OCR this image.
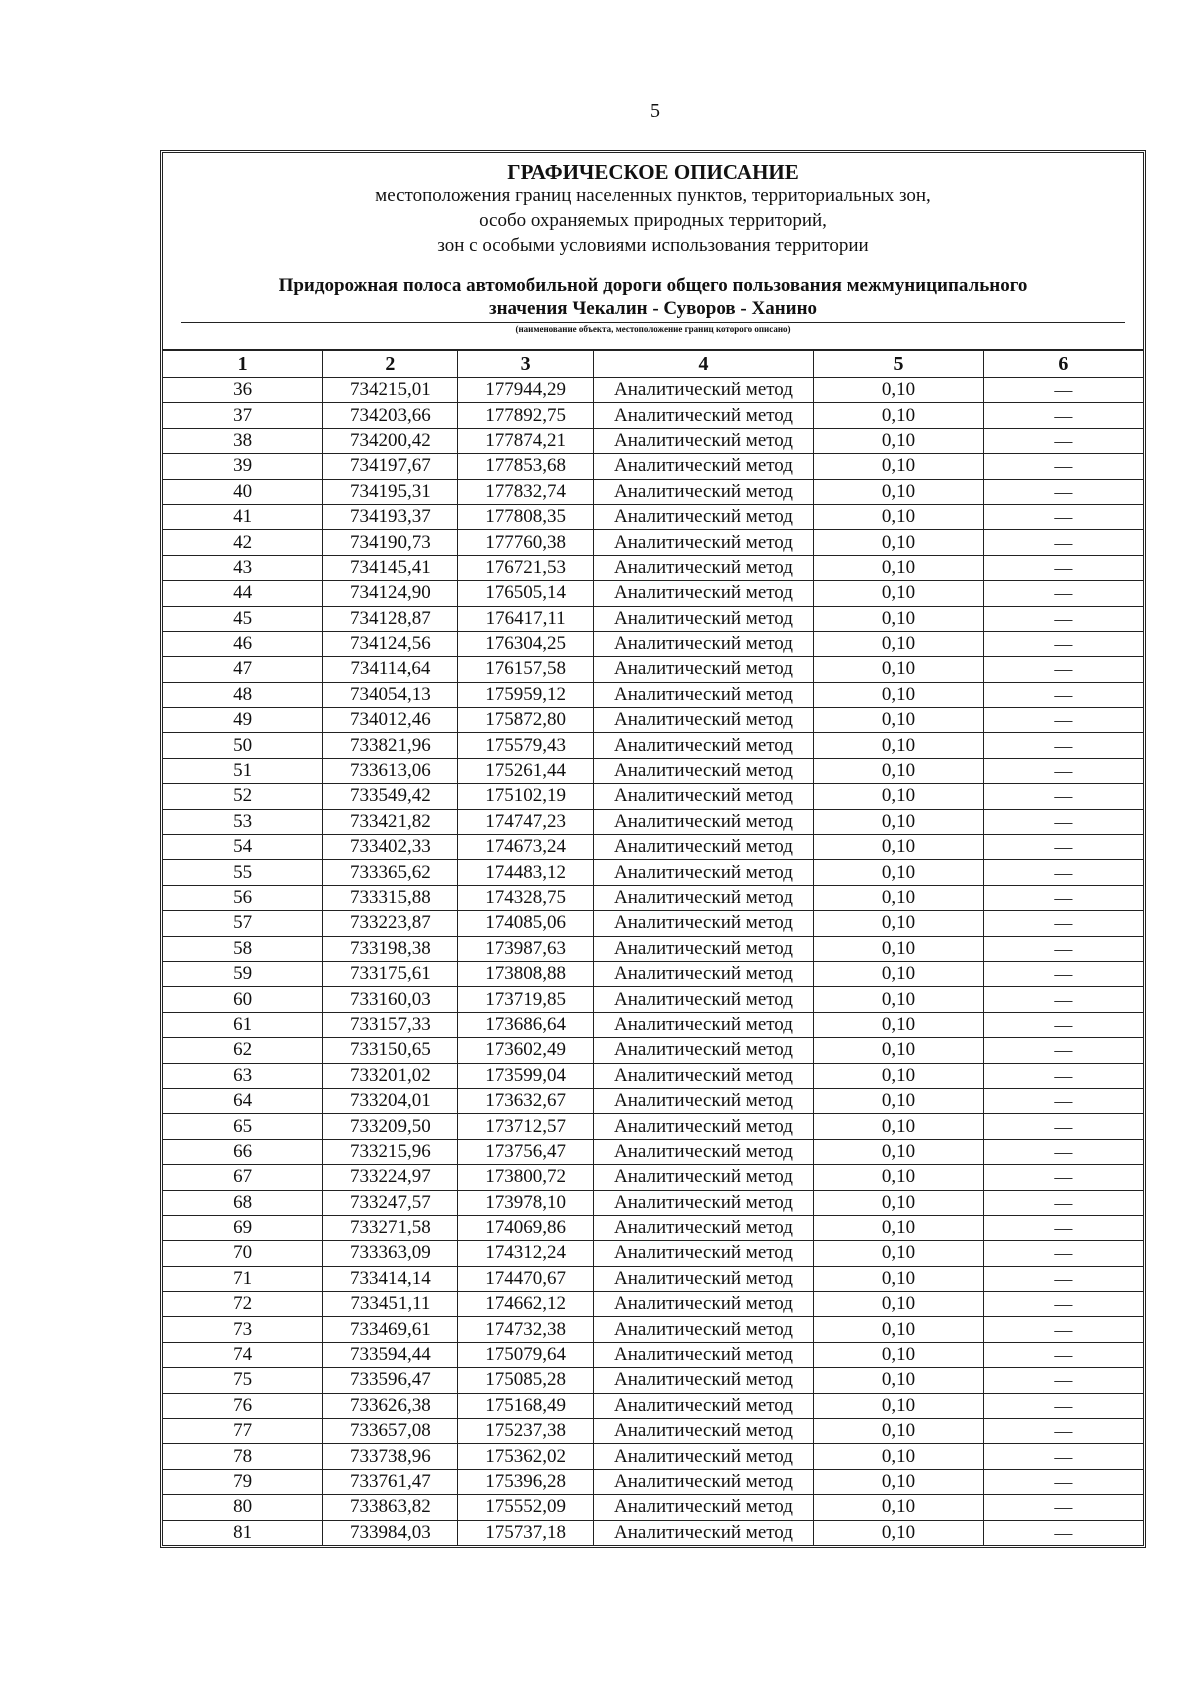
5
ГРАФИЧЕСКОЕ ОПИСАНИЕ
местоположения границ населенных пунктов, территориальных зон,
особо охраняемых природных территорий,
зон с особыми условиями использования территории
Придорожная полоса автомобильной дороги общего пользования межмуниципального
значения Чекалин - Суворов - Ханино
(наименование объекта, местоположение границ которого описано)
1	2	3	4	5	6
36	734215,01	177944,29	Аналитический метод	0,10	—
37	734203,66	177892,75	Аналитический метод	0,10	—
38	734200,42	177874,21	Аналитический метод	0,10	—
39	734197,67	177853,68	Аналитический метод	0,10	—
40	734195,31	177832,74	Аналитический метод	0,10	—
41	734193,37	177808,35	Аналитический метод	0,10	—
42	734190,73	177760,38	Аналитический метод	0,10	—
43	734145,41	176721,53	Аналитический метод	0,10	—
44	734124,90	176505,14	Аналитический метод	0,10	—
45	734128,87	176417,11	Аналитический метод	0,10	—
46	734124,56	176304,25	Аналитический метод	0,10	—
47	734114,64	176157,58	Аналитический метод	0,10	—
48	734054,13	175959,12	Аналитический метод	0,10	—
49	734012,46	175872,80	Аналитический метод	0,10	—
50	733821,96	175579,43	Аналитический метод	0,10	—
51	733613,06	175261,44	Аналитический метод	0,10	—
52	733549,42	175102,19	Аналитический метод	0,10	—
53	733421,82	174747,23	Аналитический метод	0,10	—
54	733402,33	174673,24	Аналитический метод	0,10	—
55	733365,62	174483,12	Аналитический метод	0,10	—
56	733315,88	174328,75	Аналитический метод	0,10	—
57	733223,87	174085,06	Аналитический метод	0,10	—
58	733198,38	173987,63	Аналитический метод	0,10	—
59	733175,61	173808,88	Аналитический метод	0,10	—
60	733160,03	173719,85	Аналитический метод	0,10	—
61	733157,33	173686,64	Аналитический метод	0,10	—
62	733150,65	173602,49	Аналитический метод	0,10	—
63	733201,02	173599,04	Аналитический метод	0,10	—
64	733204,01	173632,67	Аналитический метод	0,10	—
65	733209,50	173712,57	Аналитический метод	0,10	—
66	733215,96	173756,47	Аналитический метод	0,10	—
67	733224,97	173800,72	Аналитический метод	0,10	—
68	733247,57	173978,10	Аналитический метод	0,10	—
69	733271,58	174069,86	Аналитический метод	0,10	—
70	733363,09	174312,24	Аналитический метод	0,10	—
71	733414,14	174470,67	Аналитический метод	0,10	—
72	733451,11	174662,12	Аналитический метод	0,10	—
73	733469,61	174732,38	Аналитический метод	0,10	—
74	733594,44	175079,64	Аналитический метод	0,10	—
75	733596,47	175085,28	Аналитический метод	0,10	—
76	733626,38	175168,49	Аналитический метод	0,10	—
77	733657,08	175237,38	Аналитический метод	0,10	—
78	733738,96	175362,02	Аналитический метод	0,10	—
79	733761,47	175396,28	Аналитический метод	0,10	—
80	733863,82	175552,09	Аналитический метод	0,10	—
81	733984,03	175737,18	Аналитический метод	0,10	—
